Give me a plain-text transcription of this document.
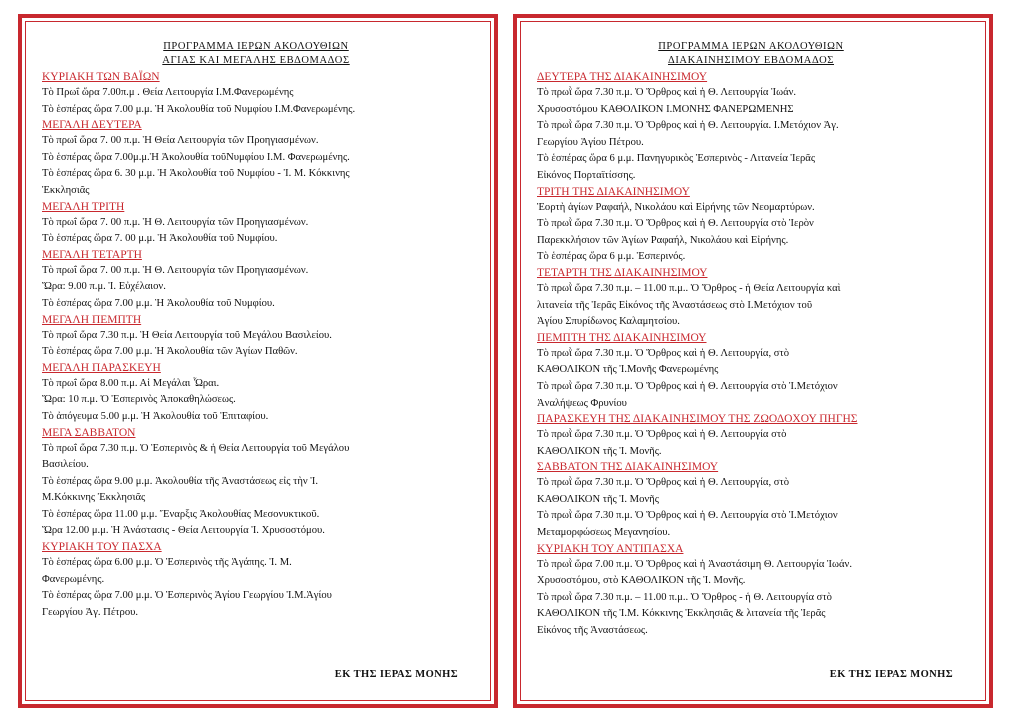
ΠΡΟΓΡΑΜΜΑ ΙΕΡΩΝ ΑΚΟΛΟΥΘΙΩΝ

ΑΓΙΑΣ ΚΑΙ ΜΕΓΑΛΗΣ ΕΒΔΟΜΑΔΟΣ

ΚΥΡΙΑΚΗ ΤΩΝ ΒΑΪΩΝ

Τὸ Πρωΐ ὥρα 7.00π.μ . Θεία Λειτουργία Ι.Μ.Φανερωμένης

Τὸ ἑσπέρας ὥρα 7.00 μ.μ. Ἡ Ἀκολουθία τοῦ Νυμφίου Ι.Μ.Φανερωμένης.

ΜΕΓΑΛΗ ΔΕΥΤΕΡΑ

Τὸ πρωΐ ὥρα 7. 00 π.μ. Ἡ Θεία Λειτουργία τῶν Προηγιασμένων.

Τὸ ἑσπέρας ὥρα 7.00μ.μ.Ἡ Ἀκολουθία τοῦΝυμφίου Ι.Μ. Φανερωμένης.

Τὸ ἑσπέρας ὥρα 6. 30 μ.μ. Ἡ Ἀκολουθία τοῦ Νυμφίου - Ἰ. Μ. Κόκκινης

Ἐκκλησιᾶς

ΜΕΓΑΛΗ ΤΡΙΤΗ

Τὸ πρωΐ ὥρα 7. 00 π.μ. Ἡ Θ. Λειτουργία τῶν Προηγιασμένων.

Τὸ ἑσπέρας ὥρα 7. 00 μ.μ. Ἡ Ἀκολουθία τοῦ Νυμφίου.

ΜΕΓΑΛΗ ΤΕΤΑΡΤΗ

Τὸ πρωΐ ὥρα 7. 00 π.μ. Ἡ Θ. Λειτουργία τῶν Προηγιασμένων.

Ὥρα: 9.00 π.μ. Ἰ. Εὐχέλαιον.

Τὸ ἑσπέρας ὥρα 7.00 μ.μ. Ἡ Ἀκολουθία τοῦ Νυμφίου.

ΜΕΓΑΛΗ ΠΕΜΠΤΗ

Τὸ πρωΐ ὥρα 7.30 π.μ. Ἡ Θεία Λειτουργία τοῦ Μεγάλου Βασιλείου.

Τὸ ἑσπέρας ὥρα 7.00 μ.μ. Ἡ Ἀκολουθία τῶν Ἁγίων Παθῶν.

ΜΕΓΑΛΗ ΠΑΡΑΣΚΕΥΗ

Τὸ πρωΐ ὥρα 8.00 π.μ. Αἱ Μεγάλαι Ὧραι.

Ὥρα: 10 π.μ. Ὁ Ἑσπερινὸς Ἀποκαθηλώσεως.

Τὸ ἀπόγευμα 5.00 μ.μ. Ἡ Ἀκολουθία τοῦ Ἐπιταφίου.

ΜΕΓΑ ΣΑΒΒΑΤΟΝ

Τὸ πρωΐ ὥρα 7.30 π.μ. Ὁ Ἑσπερινὸς & ἡ Θεία Λειτουργία τοῦ Μεγάλου

Βασιλείου.

Τὸ ἑσπέρας ὥρα 9.00 μ.μ. Ἀκολουθία τῆς Ἀναστάσεως εἰς τὴν Ἰ.

Μ.Κόκκινης Ἐκκλησιᾶς

Τὸ ἑσπέρας ὥρα 11.00 μ.μ. Ἔναρξις Ἀκολουθίας Μεσονυκτικοῦ.

Ὥρα 12.00 μ.μ. Ἡ Ἀνάστασις - Θεία Λειτουργία Ἰ. Χρυσοστόμου.

ΚΥΡΙΑΚΗ ΤΟΥ ΠΑΣΧΑ

Τὸ ἑσπέρας ὥρα 6.00 μ.μ. Ὁ Ἑσπερινὸς τῆς Ἀγάπης. Ἰ. Μ.

Φανερωμένης.

Τὸ ἑσπέρας ὥρα 7.00 μ.μ. Ὁ Ἑσπερινὸς Ἁγίου Γεωργίου Ἰ.Μ.Ἁγίου

Γεωργίου Ἀγ. Πέτρου.

ΕΚ ΤΗΣ ΙΕΡΑΣ ΜΟΝΗΣ

ΠΡΟΓΡΑΜΜΑ ΙΕΡΩΝ ΑΚΟΛΟΥΘΙΩΝ

ΔΙΑΚΑΙΝΗΣΙΜΟΥ ΕΒΔΟΜΑΔΟΣ

ΔΕΥΤΕΡΑ ΤΗΣ ΔΙΑΚΑΙΝΗΣΙΜΟΥ

Τὸ πρωῒ ὥρα 7.30 π.μ. Ὁ Ὄρθρος καὶ ἡ Θ. Λειτουργία Ἰωάν.

Χρυσοστόμου ΚΑΘΟΛΙΚΟΝ Ι.ΜΟΝΗΣ ΦΑΝΕΡΩΜΕΝΗΣ

Τὸ πρωῒ ὥρα 7.30 π.μ. Ὁ Ὄρθρος καὶ ἡ Θ. Λειτουργία. Ι.Μετόχιον Ἁγ.

Γεωργίου Ἁγίου Πέτρου.

Τὸ ἑσπέρας ὥρα 6 μ.μ. Πανηγυρικὸς Ἑσπερινὸς - Λιτανεία Ἱερᾶς

Εἰκόνος Πορταϊτίσσης.

ΤΡΙΤΗ ΤΗΣ ΔΙΑΚΑΙΝΗΣΙΜΟΥ

Ἑορτὴ ἁγίων Ραφαήλ, Νικολάου καὶ Εἰρήνης τῶν Νεομαρτύρων.

Τὸ πρωῒ ὥρα 7.30 π.μ. Ὁ Ὄρθρος καὶ ἡ Θ. Λειτουργία στὸ Ἱερὸν

Παρεκκλήσιον τῶν Ἁγίων Ραφαήλ, Νικολάου καὶ Εἰρήνης.

Τὸ ἑσπέρας ὥρα 6 μ.μ. Ἑσπερινός.

ΤΕΤΑΡΤΗ ΤΗΣ ΔΙΑΚΑΙΝΗΣΙΜΟΥ

Τὸ πρωῒ ὥρα 7.30 π.μ. – 11.00 π.μ.. Ὁ Ὄρθρος - ἡ Θεία Λειτουργία καὶ

λιτανεία τῆς Ἱερᾶς Εἰκόνος τῆς Ἀναστάσεως στὸ Ι.Μετόχιον τοῦ

Ἁγίου Σπυρίδωνος Καλαμητσίου.

ΠΕΜΠΤΗ ΤΗΣ ΔΙΑΚΑΙΝΗΣΙΜΟΥ

Τὸ πρωῒ ὥρα 7.30 π.μ. Ὁ Ὄρθρος καὶ ἡ Θ. Λειτουργία, στὸ

ΚΑΘΟΛΙΚΟΝ τῆς Ἰ.Μονῆς Φανερωμένης

Τὸ πρωῒ ὥρα 7.30 π.μ. Ὁ Ὄρθρος καὶ ἡ Θ. Λειτουργία στὸ Ἰ.Μετόχιον

Ἀναλήψεως Φρυνίου

ΠΑΡΑΣΚΕΥΗ ΤΗΣ ΔΙΑΚΑΙΝΗΣΙΜΟΥ ΤΗΣ ΖΩΟΔΟΧΟΥ ΠΗΓΗΣ

Τὸ πρωῒ ὥρα 7.30 π.μ. Ὁ Ὄρθρος καὶ ἡ Θ. Λειτουργία στὸ

ΚΑΘΟΛΙΚΟΝ τῆς Ἰ. Μονῆς.

ΣΑΒΒΑΤΟΝ ΤΗΣ ΔΙΑΚΑΙΝΗΣΙΜΟΥ

Τὸ πρωῒ ὥρα 7.30 π.μ. Ὁ Ὄρθρος καὶ ἡ Θ. Λειτουργία, στὸ

ΚΑΘΟΛΙΚΟΝ τῆς Ἰ. Μονῆς

Τὸ πρωῒ ὥρα 7.30 π.μ. Ὁ Ὄρθρος καὶ ἡ Θ. Λειτουργία στὸ Ἰ.Μετόχιον

Μεταμορφώσεως Μεγανησίου.

ΚΥΡΙΑΚΗ ΤΟΥ ΑΝΤΙΠΑΣΧΑ

Τὸ πρωῒ ὥρα 7.00 π.μ. Ὁ Ὄρθρος καὶ ἡ Ἀναστάσιμη Θ. Λειτουργία Ἰωάν.

Χρυσοστόμου, στὸ ΚΑΘΟΛΙΚΟΝ τῆς Ἰ. Μονῆς.

Τὸ πρωῒ ὥρα 7.30 π.μ. – 11.00 π.μ.. Ὁ Ὄρθρος - ἡ Θ. Λειτουργία στὸ

ΚΑΘΟΛΙΚΟΝ τῆς Ἰ.Μ. Κόκκινης Ἐκκλησιᾶς & λιτανεία τῆς Ἱερᾶς

Εἰκόνος τῆς Ἀναστάσεως.

ΕΚ ΤΗΣ ΙΕΡΑΣ ΜΟΝΗΣ
